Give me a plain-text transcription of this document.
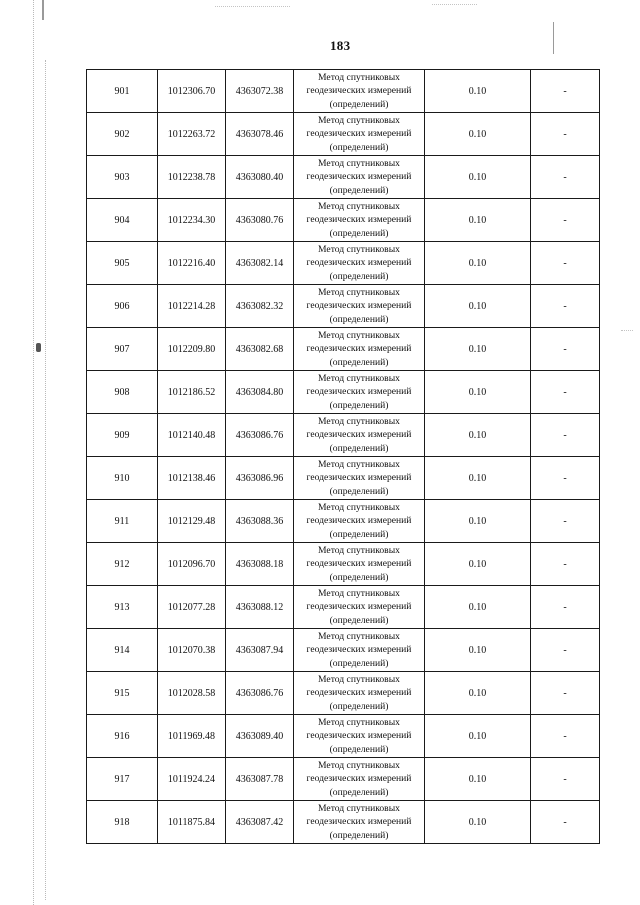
183
901	1012306.70	4363072.38	Метод спутниковых
геодезических измерений
(определений)	0.10	-
902	1012263.72	4363078.46	Метод спутниковых
геодезических измерений
(определений)	0.10	-
903	1012238.78	4363080.40	Метод спутниковых
геодезических измерений
(определений)	0.10	-
904	1012234.30	4363080.76	Метод спутниковых
геодезических измерений
(определений)	0.10	-
905	1012216.40	4363082.14	Метод спутниковых
геодезических измерений
(определений)	0.10	-
906	1012214.28	4363082.32	Метод спутниковых
геодезических измерений
(определений)	0.10	-
907	1012209.80	4363082.68	Метод спутниковых
геодезических измерений
(определений)	0.10	-
908	1012186.52	4363084.80	Метод спутниковых
геодезических измерений
(определений)	0.10	-
909	1012140.48	4363086.76	Метод спутниковых
геодезических измерений
(определений)	0.10	-
910	1012138.46	4363086.96	Метод спутниковых
геодезических измерений
(определений)	0.10	-
911	1012129.48	4363088.36	Метод спутниковых
геодезических измерений
(определений)	0.10	-
912	1012096.70	4363088.18	Метод спутниковых
геодезических измерений
(определений)	0.10	-
913	1012077.28	4363088.12	Метод спутниковых
геодезических измерений
(определений)	0.10	-
914	1012070.38	4363087.94	Метод спутниковых
геодезических измерений
(определений)	0.10	-
915	1012028.58	4363086.76	Метод спутниковых
геодезических измерений
(определений)	0.10	-
916	1011969.48	4363089.40	Метод спутниковых
геодезических измерений
(определений)	0.10	-
917	1011924.24	4363087.78	Метод спутниковых
геодезических измерений
(определений)	0.10	-
918	1011875.84	4363087.42	Метод спутниковых
геодезических измерений
(определений)	0.10	-
